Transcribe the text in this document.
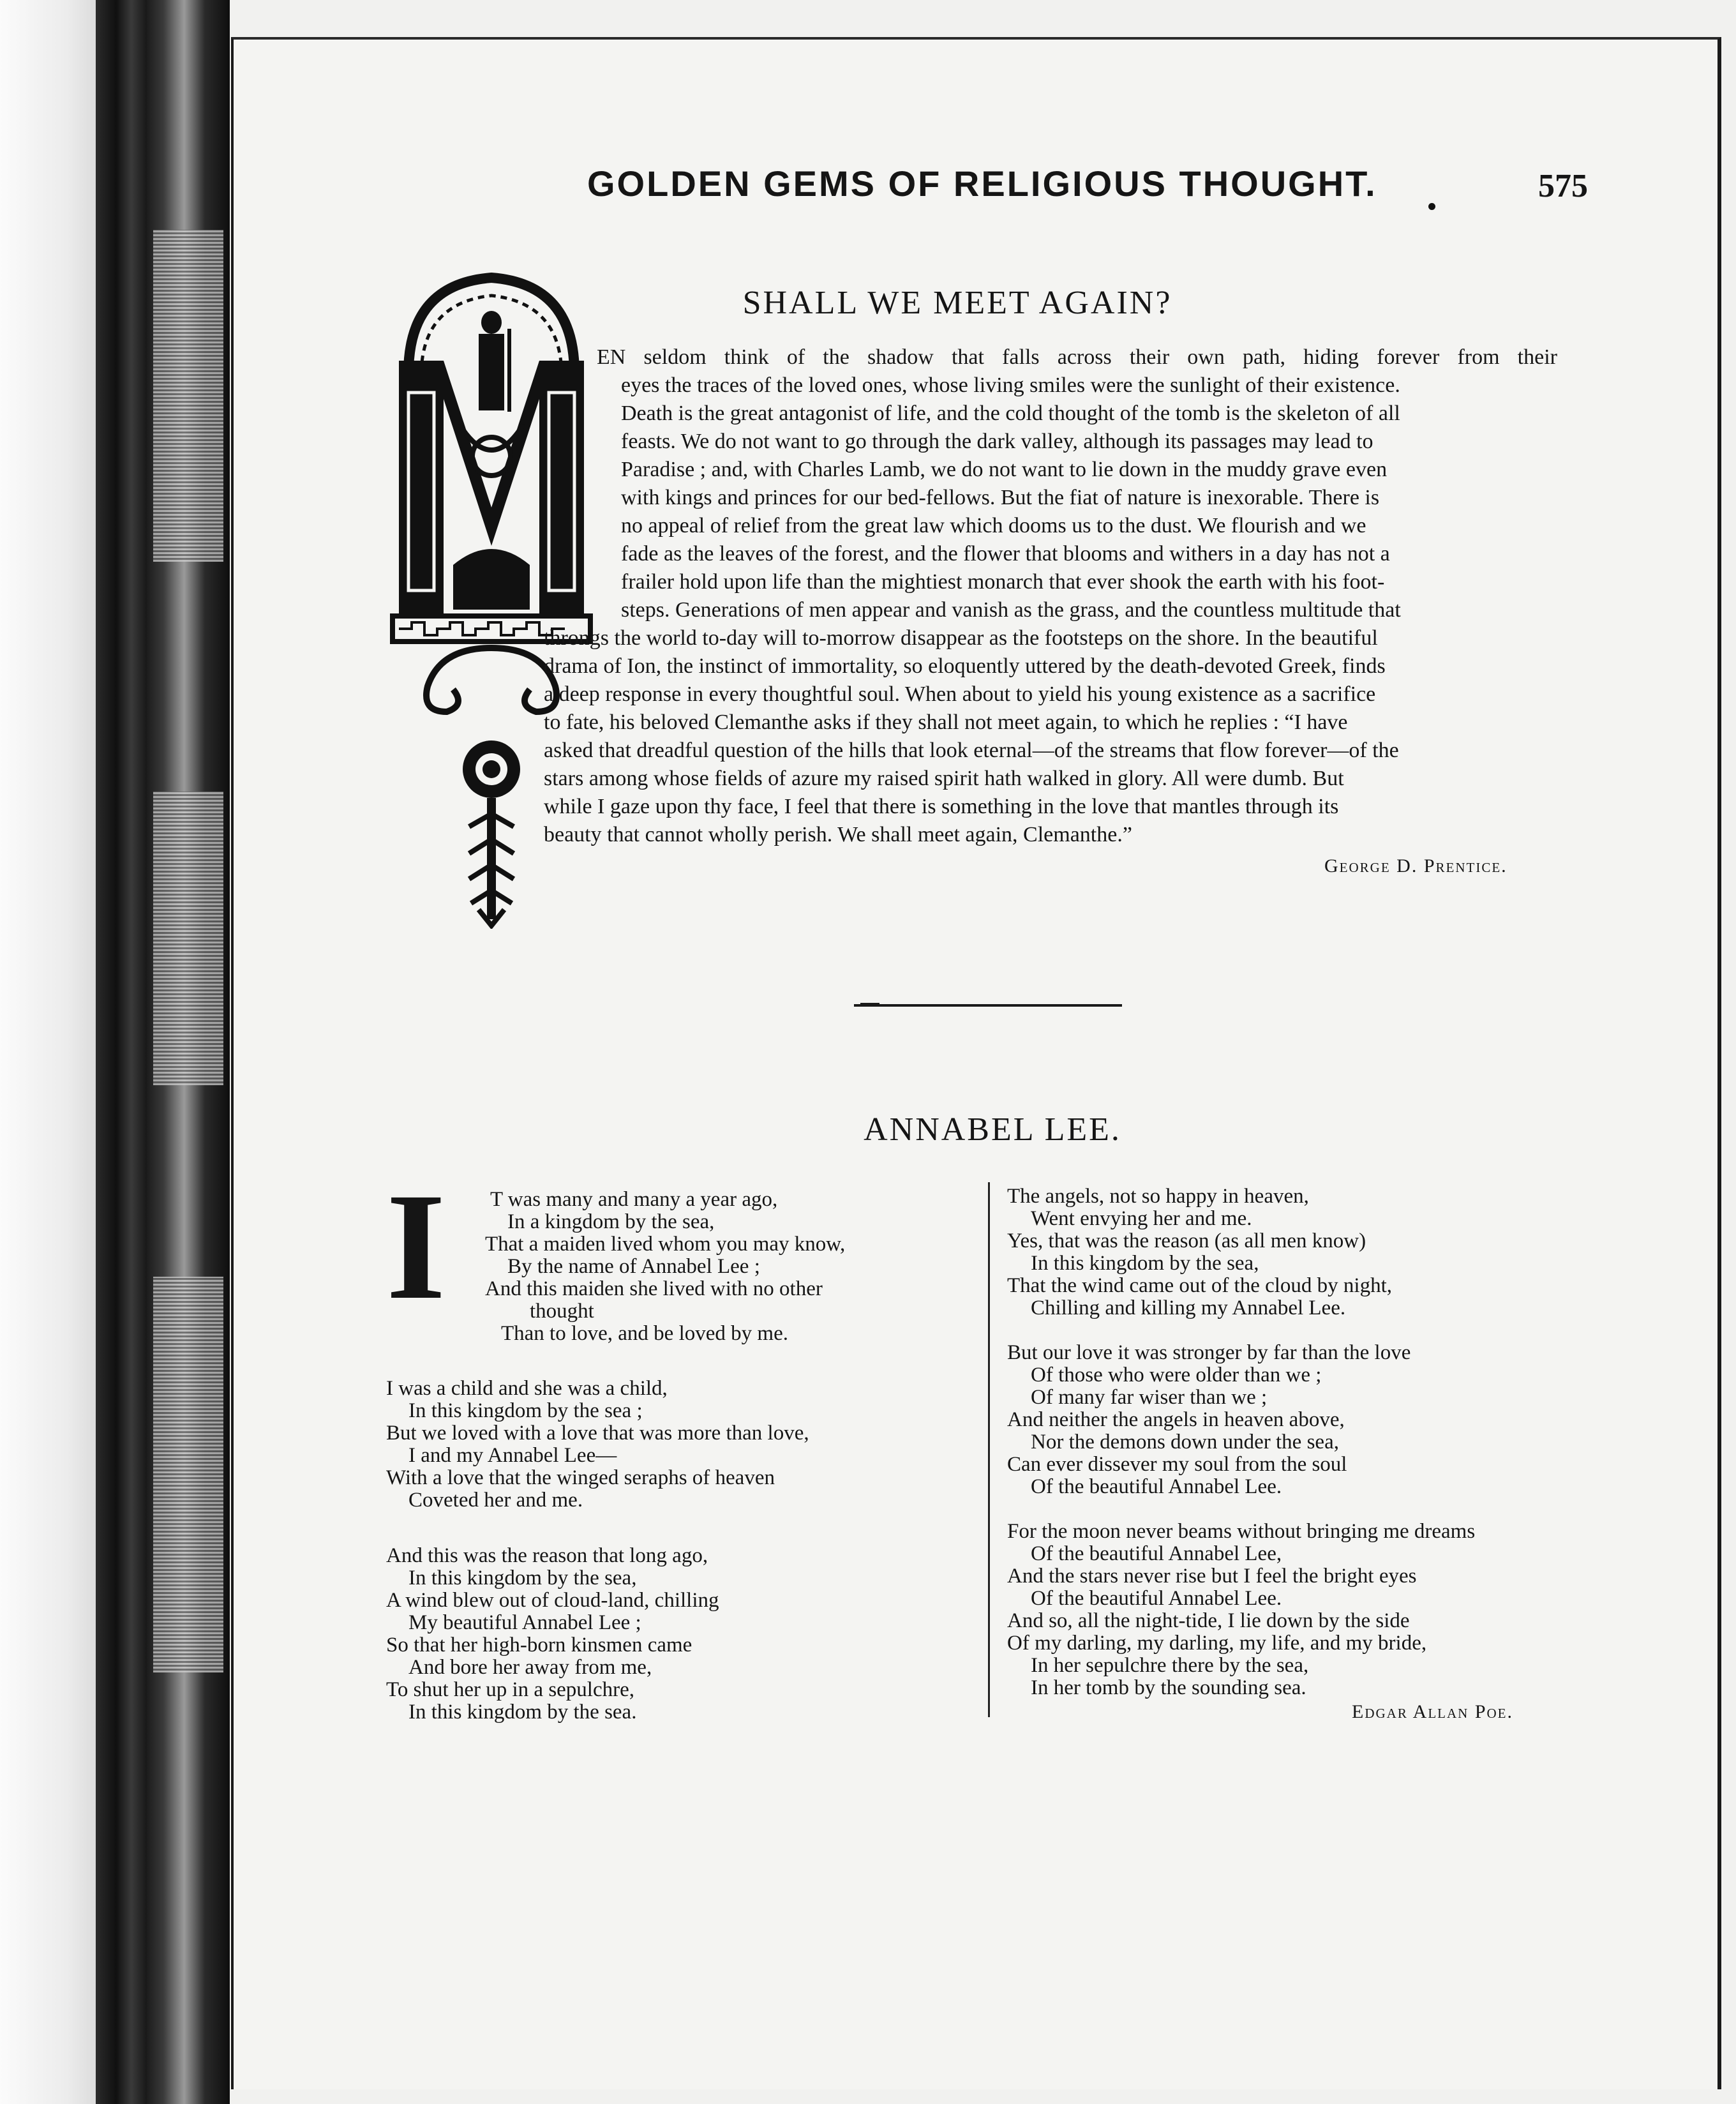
GOLDEN GEMS OF RELIGIOUS THOUGHT.	575
SHALL WE MEET AGAIN?
EN seldom think of the shadow that falls across their own path, hiding forever from their
eyes the traces of the loved ones, whose living smiles were the sunlight of their existence.
Death is the great antagonist of life, and the cold thought of the tomb is the skeleton of all
feasts. We do not want to go through the dark valley, although its passages may lead to
Paradise ; and, with Charles Lamb, we do not want to lie down in the muddy grave even
with kings and princes for our bed-fellows. But the fiat of nature is inexorable. There is
no appeal of relief from the great law which dooms us to the dust. We flourish and we
fade as the leaves of the forest, and the flower that blooms and withers in a day has not a
frailer hold upon life than the mightiest monarch that ever shook the earth with his foot-
steps. Generations of men appear and vanish as the grass, and the countless multitude that
throngs the world to-day will to-morrow disappear as the footsteps on the shore. In the beautiful
drama of Ion, the instinct of immortality, so eloquently uttered by the death-devoted Greek, finds
a deep response in every thoughtful soul. When about to yield his young existence as a sacrifice
to fate, his beloved Clemanthe asks if they shall not meet again, to which he replies : “I have
asked that dreadful question of the hills that look eternal—of the streams that flow forever—of the
stars among whose fields of azure my raised spirit hath walked in glory. All were dumb. But
while I gaze upon thy face, I feel that there is something in the love that mantles through its
beauty that cannot wholly perish. We shall meet again, Clemanthe.”
George D. Prentice.
ANNABEL LEE.
I T was many and many a year ago,
In a kingdom by the sea,
That a maiden lived whom you may know,
By the name of Annabel Lee ;
And this maiden she lived with no other
thought
Than to love, and be loved by me.
I was a child and she was a child,
In this kingdom by the sea ;
But we loved with a love that was more than love,
I and my Annabel Lee—
With a love that the winged seraphs of heaven
Coveted her and me.
And this was the reason that long ago,
In this kingdom by the sea,
A wind blew out of cloud-land, chilling
My beautiful Annabel Lee ;
So that her high-born kinsmen came
And bore her away from me,
To shut her up in a sepulchre,
In this kingdom by the sea.
The angels, not so happy in heaven,
Went envying her and me.
Yes, that was the reason (as all men know)
In this kingdom by the sea,
That the wind came out of the cloud by night,
Chilling and killing my Annabel Lee.
But our love it was stronger by far than the love
Of those who were older than we ;
Of many far wiser than we ;
And neither the angels in heaven above,
Nor the demons down under the sea,
Can ever dissever my soul from the soul
Of the beautiful Annabel Lee.
For the moon never beams without bringing me dreams
Of the beautiful Annabel Lee,
And the stars never rise but I feel the bright eyes
Of the beautiful Annabel Lee.
And so, all the night-tide, I lie down by the side
Of my darling, my darling, my life, and my bride,
In her sepulchre there by the sea,
In her tomb by the sounding sea.
Edgar Allan Poe.
